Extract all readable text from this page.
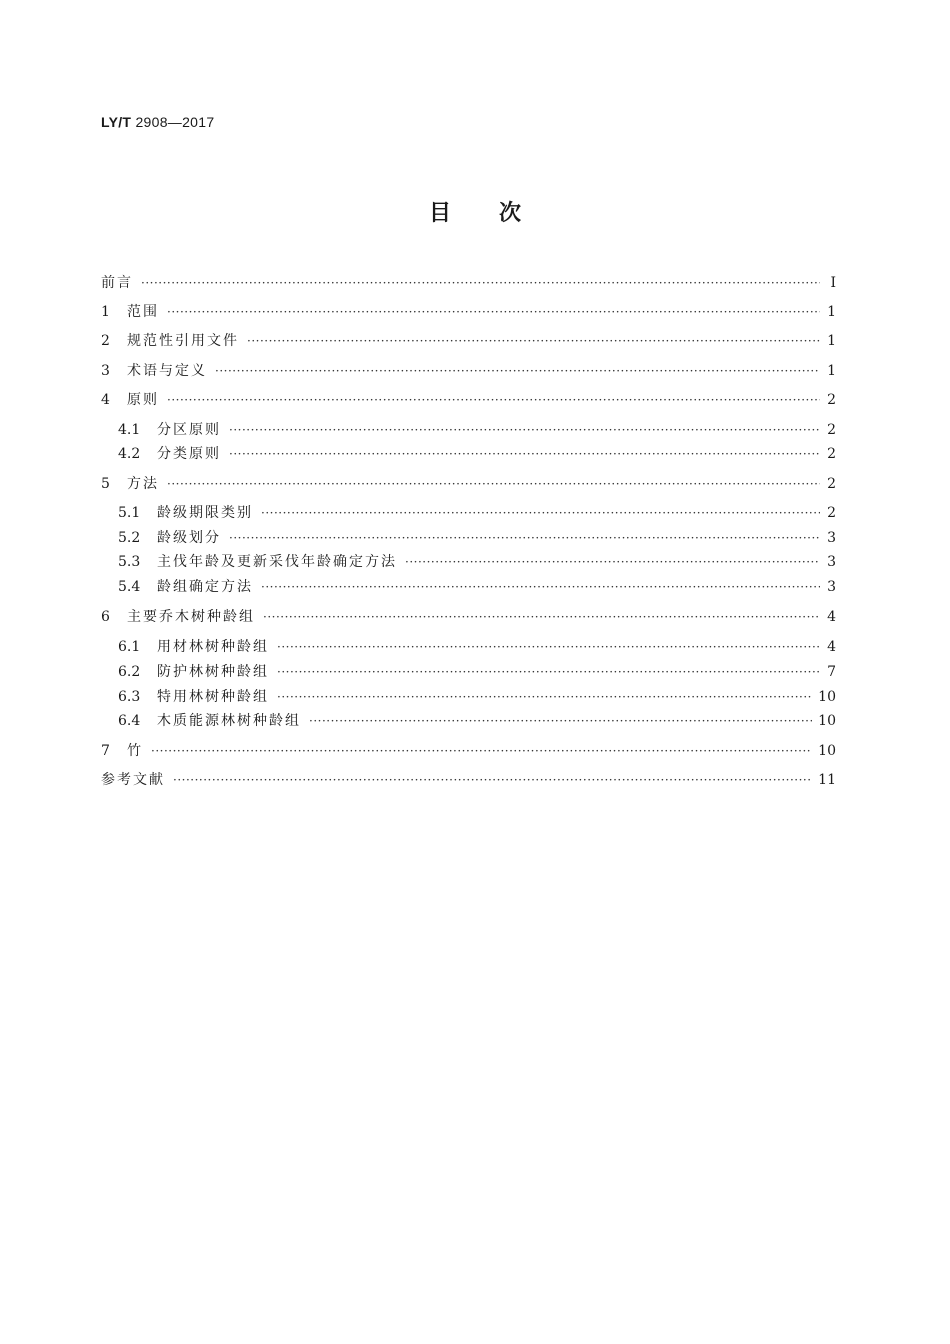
LY/T 2908—2017
目 次
前言 ·····	Ⅰ
1	范围 ·····	1
2	规范性引用文件 ·····	1
3	术语与定义 ·····	1
4	原则 ·····	2
4.1	分区原则 ·····	2
4.2	分类原则 ·····	2
5	方法 ·····	2
5.1	龄级期限类别 ·····	2
5.2	龄级划分 ·····	3
5.3	主伐年龄及更新采伐年龄确定方法 ·····	3
5.4	龄组确定方法 ·····	3
6	主要乔木树种龄组 ·····	4
6.1	用材林树种龄组 ·····	4
6.2	防护林树种龄组 ·····	7
6.3	特用林树种龄组 ·····	10
6.4	木质能源林树种龄组 ·····	10
7	竹 ·····	10
参考文献 ·····	11
